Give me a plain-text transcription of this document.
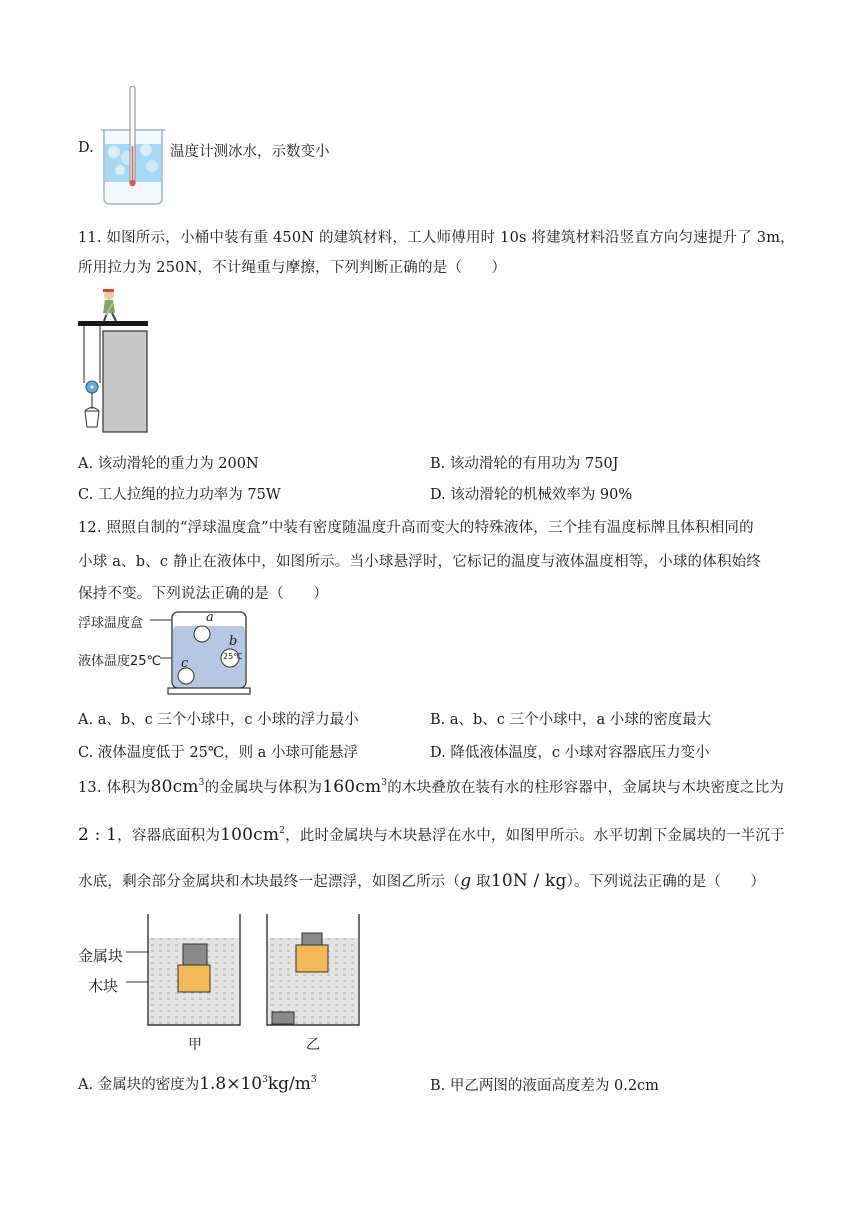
D.	温度计测冰水，示数变小
11. 如图所示，小桶中装有重 450N 的建筑材料，工人师傅用时 10s 将建筑材料沿竖直方向匀速提升了 3m，
所用拉力为 250N，不计绳重与摩擦，下列判断正确的是（　　）
A. 该动滑轮的重力为 200N	B. 该动滑轮的有用功为 750J
C. 工人拉绳的拉力功率为 75W	D. 该动滑轮的机械效率为 90%
12. 照照自制的“浮球温度盒”中装有密度随温度升高而变大的特殊液体，三个挂有温度标牌且体积相同的
小球 a、b、c 静止在液体中，如图所示。当小球悬浮时，它标记的温度与液体温度相等，小球的体积始终
保持不变。下列说法正确的是（　　）
浮球温度盒
液体温度25℃
a
b
25℃
c
A. a、b、c 三个小球中，c 小球的浮力最小	B. a、b、c 三个小球中，a 小球的密度最大
C. 液体温度低于 25℃，则 a 小球可能悬浮	D. 降低液体温度，c 小球对容器底压力变小
13. 体积为$80cm^3$的金属块与体积为$160cm^3$的木块叠放在装有水的柱形容器中，金属块与木块密度之比为
2 : 1，容器底面积为$100cm^2$，此时金属块与木块悬浮在水中，如图甲所示。水平切割下金属块的一半沉于
水底，剩余部分金属块和木块最终一起漂浮，如图乙所示（g 取10N / kg）。下列说法正确的是（　　）
金属块
木块
甲	乙
A. 金属块的密度为$1.8\times 10^3kg/m^3$	B. 甲乙两图的液面高度差为 0.2cm
